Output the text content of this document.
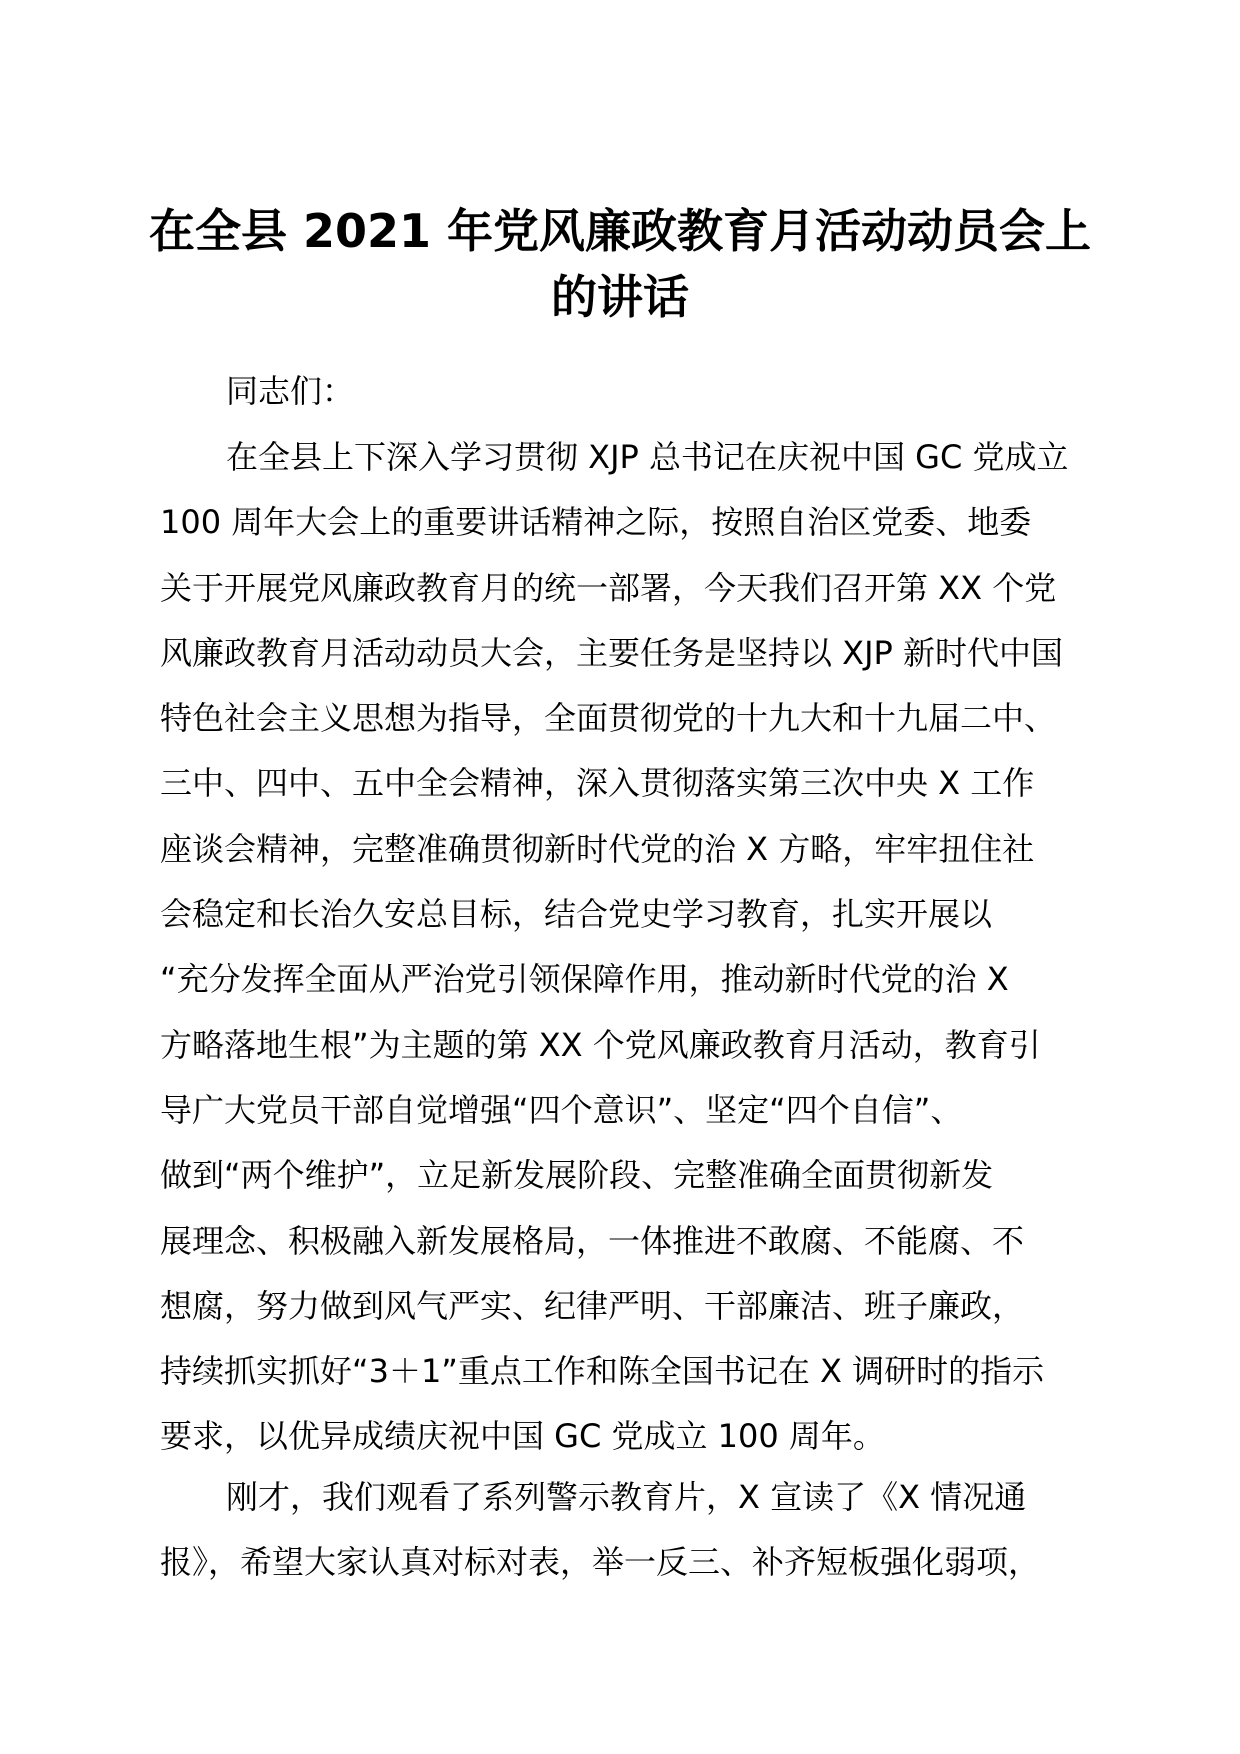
在全县 2021 年党风廉政教育月活动动员会上
的讲话

同志们：

在全县上下深入学习贯彻 XJP 总书记在庆祝中国 GC 党成立
100 周年大会上的重要讲话精神之际，按照自治区党委、地委
关于开展党风廉政教育月的统一部署，今天我们召开第 XX 个党
风廉政教育月活动动员大会，主要任务是坚持以 XJP 新时代中国
特色社会主义思想为指导，全面贯彻党的十九大和十九届二中、
三中、四中、五中全会精神，深入贯彻落实第三次中央 X 工作
座谈会精神，完整准确贯彻新时代党的治 X 方略，牢牢扭住社
会稳定和长治久安总目标，结合党史学习教育，扎实开展以
“充分发挥全面从严治党引领保障作用，推动新时代党的治 X
方略落地生根”为主题的第 XX 个党风廉政教育月活动，教育引
导广大党员干部自觉增强“四个意识”、坚定“四个自信”、
做到“两个维护”，立足新发展阶段、完整准确全面贯彻新发
展理念、积极融入新发展格局，一体推进不敢腐、不能腐、不
想腐，努力做到风气严实、纪律严明、干部廉洁、班子廉政，
持续抓实抓好“3＋1”重点工作和陈全国书记在 X 调研时的指示
要求，以优异成绩庆祝中国 GC 党成立 100 周年。
刚才，我们观看了系列警示教育片，X 宣读了《X 情况通
报》，希望大家认真对标对表，举一反三、补齐短板强化弱项，
